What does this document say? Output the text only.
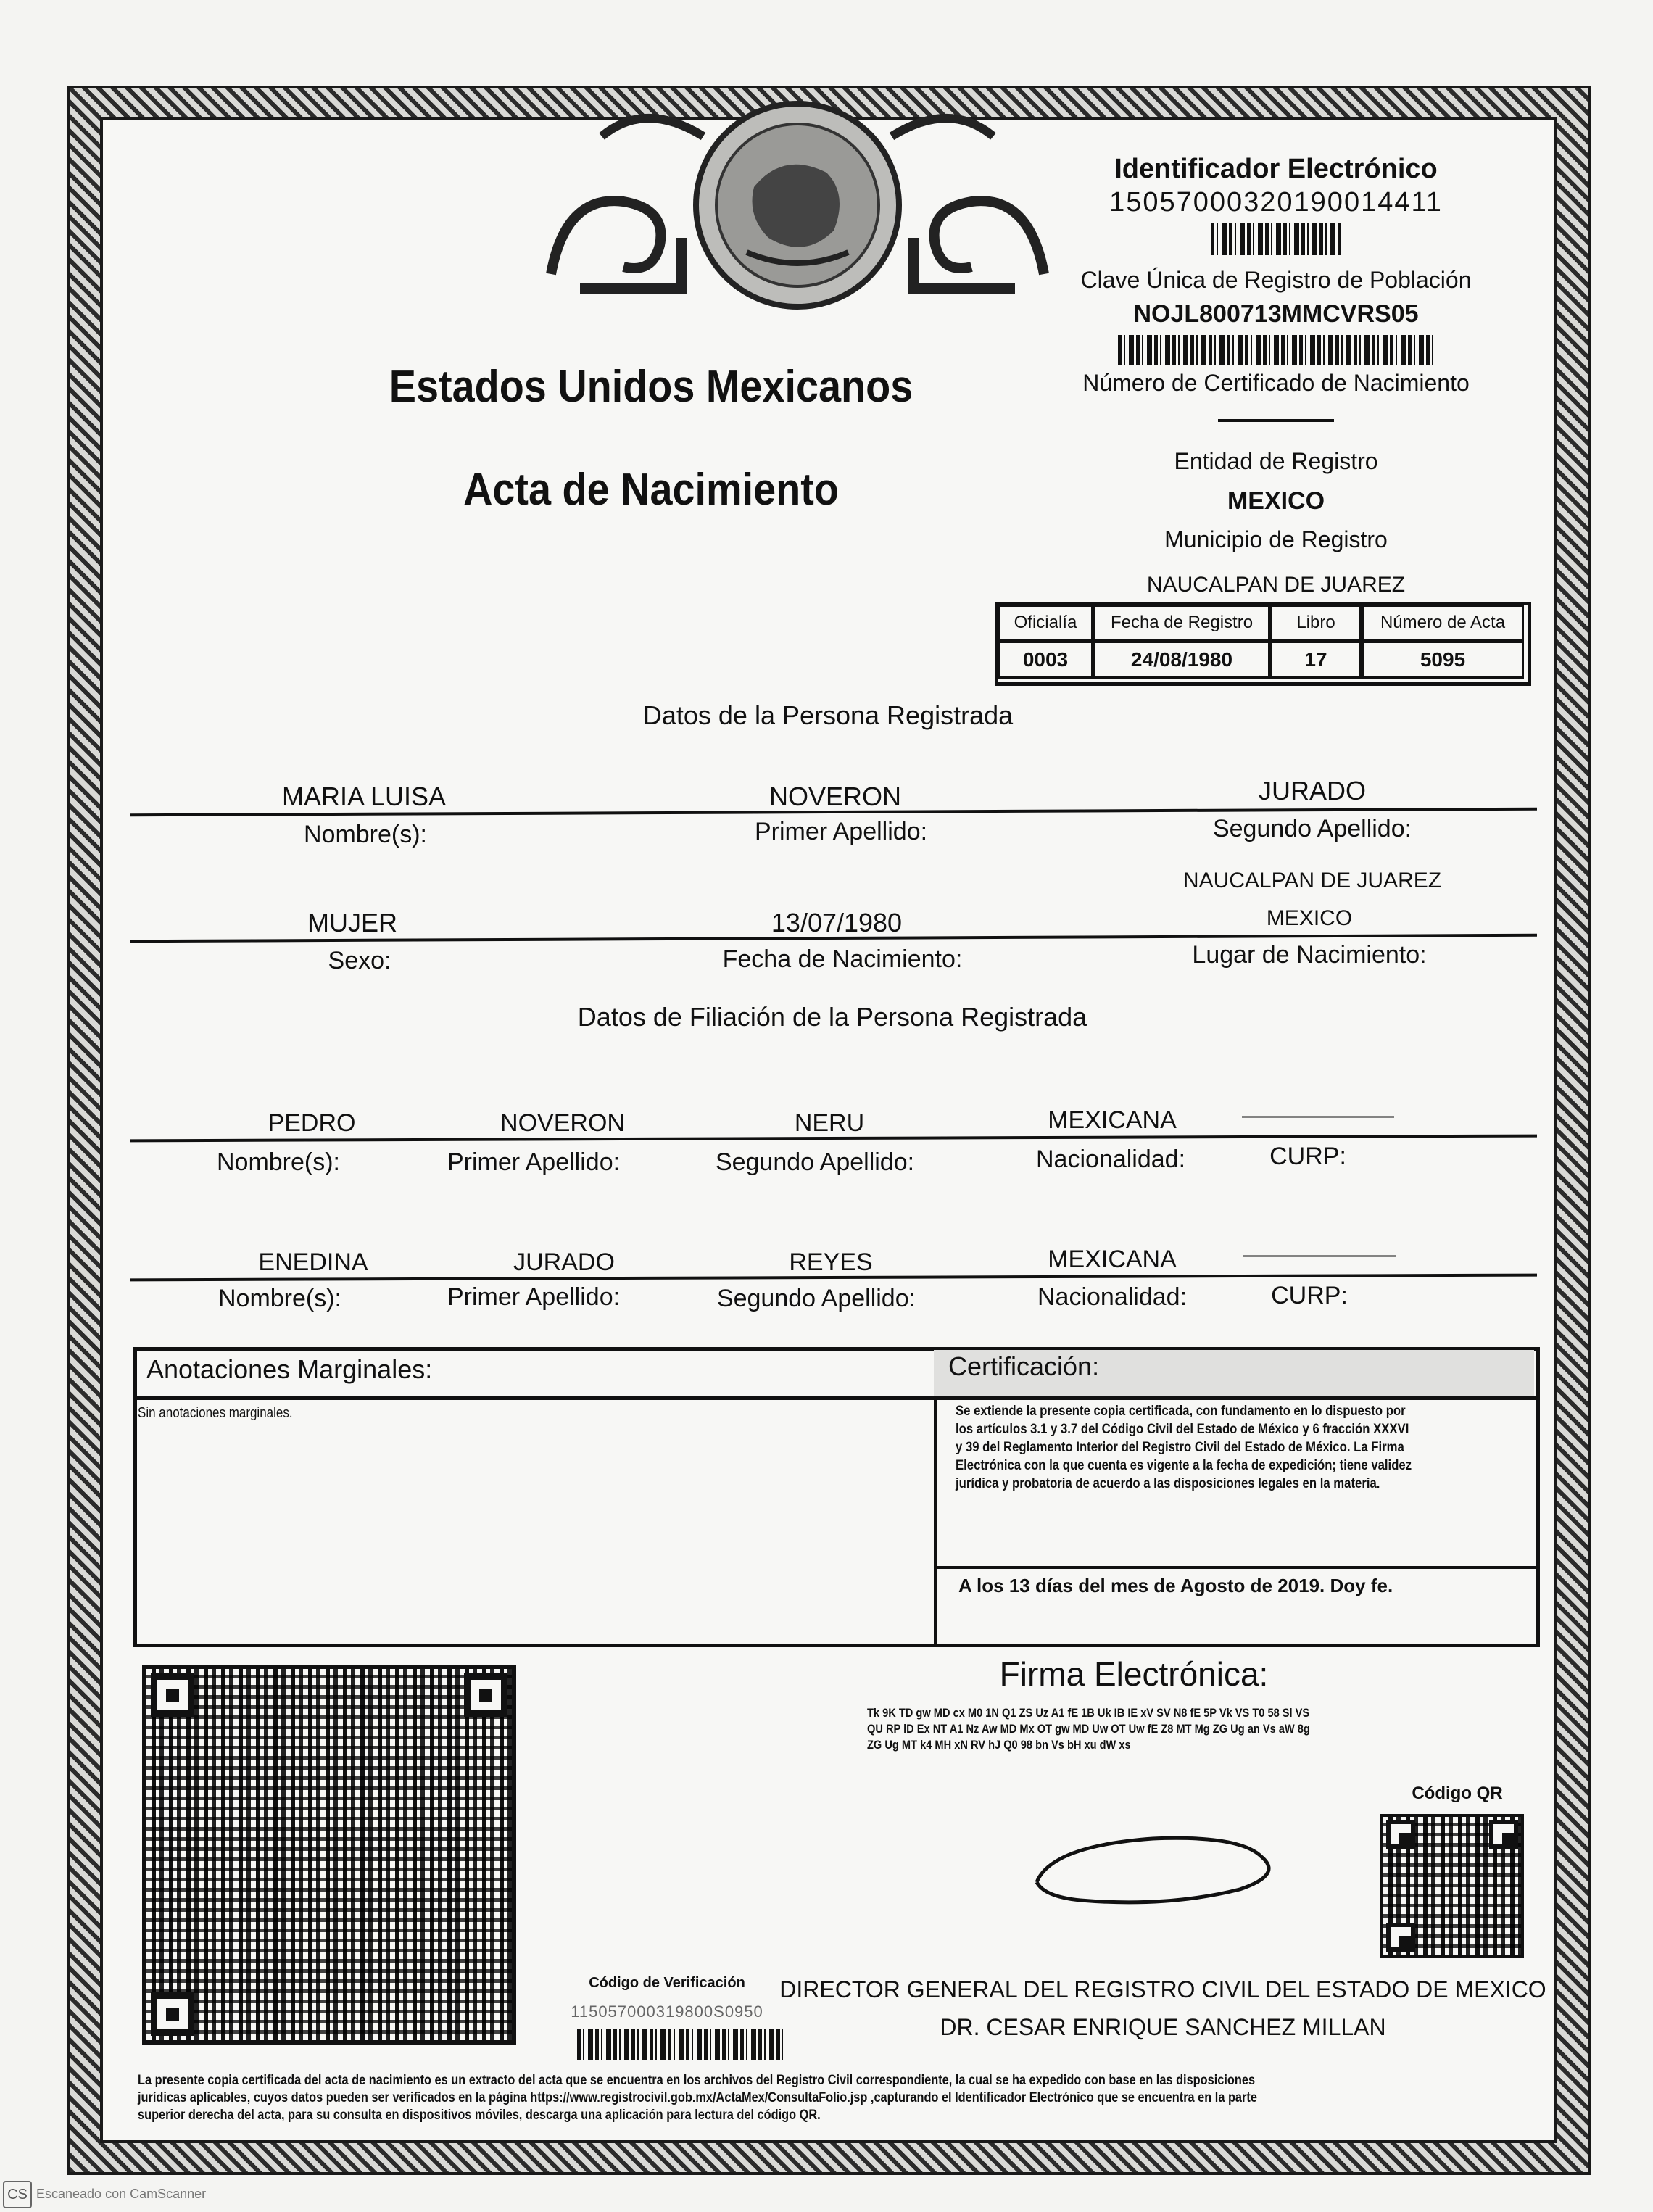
Estados Unidos Mexicanos
Acta de Nacimiento
Identificador Electrónico
15057000320190014411
Clave Única de Registro de Población
NOJL800713MMCVRS05
Número de Certificado de Nacimiento
Entidad de Registro
MEXICO
Municipio de Registro
NAUCALPAN DE JUAREZ
Oficialía	Fecha de Registro	Libro	Número de Acta
0003	24/08/1980	17	5095
Datos de la Persona Registrada
MARIA LUISA	NOVERON	JURADO
Nombre(s):	Primer Apellido:	Segundo Apellido:
NAUCALPAN DE JUAREZ
MUJER	13/07/1980	MEXICO
Sexo:	Fecha de Nacimiento:	Lugar de Nacimiento:
Datos de Filiación de la Persona Registrada
PEDRO	NOVERON	NERU	MEXICANA	———————
Nombre(s):	Primer Apellido:	Segundo Apellido:	Nacionalidad:	CURP:
ENEDINA	JURADO	REYES	MEXICANA	———————
Nombre(s):	Primer Apellido:	Segundo Apellido:	Nacionalidad:	CURP:
Anotaciones Marginales:
Sin anotaciones marginales.
Certificación:
Se extiende la presente copia certificada, con fundamento en lo dispuesto por
los artículos 3.1 y 3.7 del Código Civil del Estado de México y 6 fracción XXXVI
y 39 del Reglamento Interior del Registro Civil del Estado de México. La Firma
Electrónica con la que cuenta es vigente a la fecha de expedición; tiene validez
jurídica y probatoria de acuerdo a las disposiciones legales en la materia.
A los 13 días del mes de Agosto de 2019. Doy fe.
Firma Electrónica:
Tk 9K TD gw MD cx M0 1N Q1 ZS Uz A1 fE 1B Uk IB IE xV SV N8 fE 5P Vk VS T0 58 Sl VS
QU RP lD Ex NT A1 Nz Aw MD Mx OT gw MD Uw OT Uw fE Z8 MT Mg ZG Ug an Vs aW 8g
ZG Ug MT k4 MH xN RV hJ Q0 98 bn Vs bH xu dW xs
Código QR
Código de Verificación
115057000319800S0950
DIRECTOR GENERAL DEL REGISTRO CIVIL DEL ESTADO DE MEXICO
DR. CESAR ENRIQUE SANCHEZ MILLAN
La presente copia certificada del acta de nacimiento es un extracto del acta que se encuentra en los archivos del Registro Civil correspondiente, la cual se ha expedido con base en las disposiciones
jurídicas aplicables, cuyos datos pueden ser verificados en la página https://www.registrocivil.gob.mx/ActaMex/ConsultaFolio.jsp ,capturando el Identificador Electrónico que se encuentra en la parte
superior derecha del acta, para su consulta en dispositivos móviles, descarga una aplicación para lectura del código QR.
CS Escaneado con CamScanner
